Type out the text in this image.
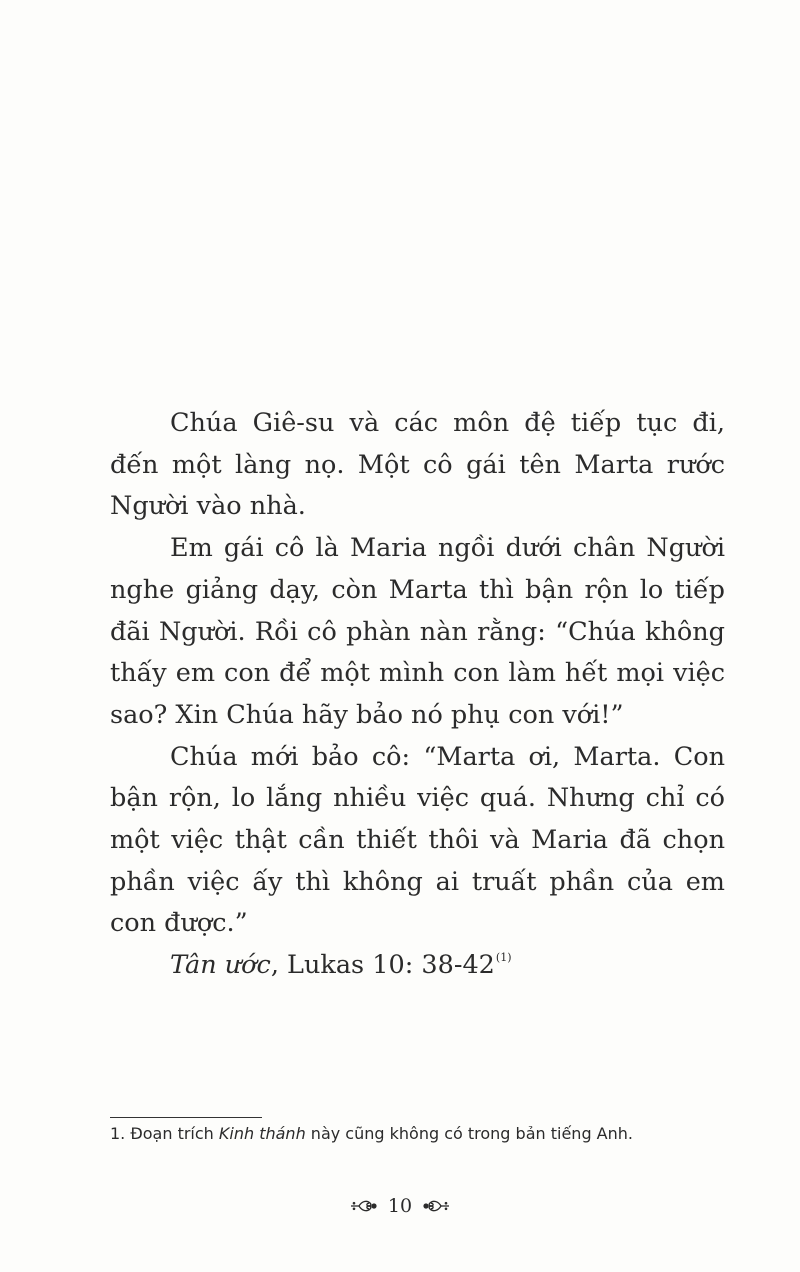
Chúa Giê-su và các môn đệ tiếp tục đi, đến một làng nọ. Một cô gái tên Marta rước Người vào nhà.

Em gái cô là Maria ngồi dưới chân Người nghe giảng dạy, còn Marta thì bận rộn lo tiếp đãi Người. Rồi cô phàn nàn rằng: “Chúa không thấy em con để một mình con làm hết mọi việc sao? Xin Chúa hãy bảo nó phụ con với!”

Chúa mới bảo cô: “Marta ơi, Marta. Con bận rộn, lo lắng nhiều việc quá. Nhưng chỉ có một việc thật cần thiết thôi và Maria đã chọn phần việc ấy thì không ai truất phần của em con được.”

Tân ước, Lukas 10: 38-42$^{(1)}$

1. Đoạn trích Kinh thánh này cũng không có trong bản tiếng Anh.
10
